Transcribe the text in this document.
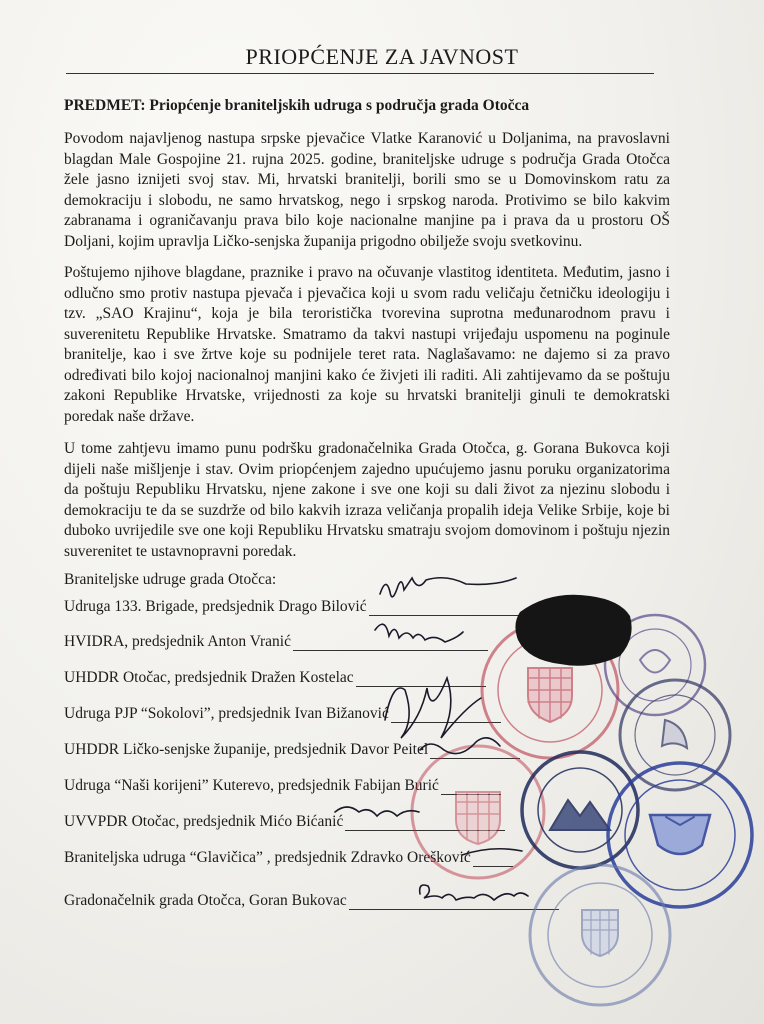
PRIOPĆENJE ZA JAVNOST
PREDMET: Priopćenje braniteljskih udruga s područja grada Otočca
Povodom najavljenog nastupa srpske pjevačice Vlatke Karanović u Doljanima, na pravoslavni blagdan Male Gospojine 21. rujna 2025. godine, braniteljske udruge s područja Grada Otočca žele jasno iznijeti svoj stav. Mi, hrvatski branitelji, borili smo se u Domovinskom ratu za demokraciju i slobodu, ne samo hrvatskog, nego i srpskog naroda. Protivimo se bilo kakvim zabranama i ograničavanju prava bilo koje nacionalne manjine pa i prava da u prostoru OŠ Doljani, kojim upravlja Ličko-senjska županija prigodno obilježe svoju svetkovinu.
Poštujemo njihove blagdane, praznike i pravo na očuvanje vlastitog identiteta. Međutim, jasno i odlučno smo protiv nastupa pjevača i pjevačica koji u svom radu veličaju četničku ideologiju i tzv. „SAO Krajinu“, koja je bila teroristička tvorevina suprotna međunarodnom pravu i suverenitetu Republike Hrvatske. Smatramo da takvi nastupi vrijeđaju uspomenu na poginule branitelje, kao i sve žrtve koje su podnijele teret rata. Naglašavamo: ne dajemo si za pravo određivati bilo kojoj nacionalnoj manjini kako će živjeti ili raditi. Ali zahtijevamo da se poštuju zakoni Republike Hrvatske, vrijednosti za koje su hrvatski branitelji ginuli te demokratski poredak naše države.
U tome zahtjevu imamo punu podršku gradonačelnika Grada Otočca, g. Gorana Bukovca koji dijeli naše mišljenje i stav. Ovim priopćenjem zajedno upućujemo jasnu poruku organizatorima da poštuju Republiku Hrvatsku, njene zakone i sve one koji su dali život za njezinu slobodu i demokraciju te da se suzdrže od bilo kakvih izraza veličanja propalih ideja Velike Srbije, koje bi duboko uvrijedile sve one koji Republiku Hrvatsku smatraju svojom domovinom i poštuju njezin suverenitet te ustavnopravni poredak.
Braniteljske udruge grada Otočca:
Udruga 133. Brigade, predsjednik Drago Bilović
HVIDRA, predsjednik Anton Vranić
UHDDR Otočac, predsjednik Dražen Kostelac
Udruga PJP “Sokolovi”, predsjednik Ivan Bižanović
UHDDR Ličko-senjske županije, predsjednik Davor Peitel
Udruga “Naši korijeni” Kuterevo, predsjednik Fabijan Burić
UVVPDR Otočac, predsjednik Mićo Bićanić
Braniteljska udruga “Glavičica” , predsjednik Zdravko Orešković
Gradonačelnik grada Otočca, Goran Bukovac
